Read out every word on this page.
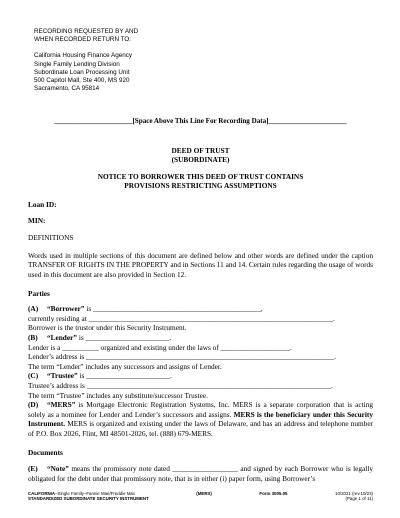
RECORDING REQUESTED BY AND
WHEN RECORDED RETURN TO:
California Housing Finance Agency
Single Family Lending Division
Subordinate Loan Processing Unit
500 Capitol Mall, Ste 400, MS 920
Sacramento, CA 95814
______________________[Space Above This Line For Recording Data]______________________
DEED OF TRUST
(SUBORDINATE)
NOTICE TO BORROWER THIS DEED OF TRUST CONTAINS
PROVISIONS RESTRICTING ASSUMPTIONS
Loan ID:
MIN:
DEFINITIONS
Words used in multiple sections of this document are defined below and other words are defined under the caption TRANSFER OF RIGHTS IN THE PROPERTY and in Sections 11 and 14. Certain rules regarding the usage of words used in this document are also provided in Section 12.
Parties
(A) “Borrower” is ______________________________________________,
currently residing at ___________________________________________________________________.
Borrower is the trustor under this Security Instrument.
(B) “Lender” is _______________________.
Lender is a __________ organized and existing under the laws of ___________________.
Lender’s address is ____________________________________________________________________.
The term “Lender” includes any successors and assigns of Lender.
(C) “Trustee” is _______________________.
Trustee’s address is ___________________________________________________________________.
The term “Trustee” includes any substitute/successor Trustee.
(D) “MERS” is Mortgage Electronic Registration Systems, Inc. MERS is a separate corporation that is acting solely as a nominee for Lender and Lender’s successors and assigns. MERS is the beneficiary under this Security Instrument. MERS is organized and existing under the laws of Delaware, and has an address and telephone number of P.O. Box 2026, Flint, MI 48501-2026, tel. (888) 679-MERS.
Documents
(E) “Note” means the promissory note dated __________________ and signed by each Borrower who is legally obligated for the debt under that promissory note, that is in either (i) paper form, using Borrower’s
CALIFORNIA–Single Family–Fannie Mae/Freddie Mac
STANDARDIZED SUBORDINATE SECURITY INSTRUMENT
(MERS)	Form 3005.05	10/2021 (rev.10/23)
(Page 1 of 11)
